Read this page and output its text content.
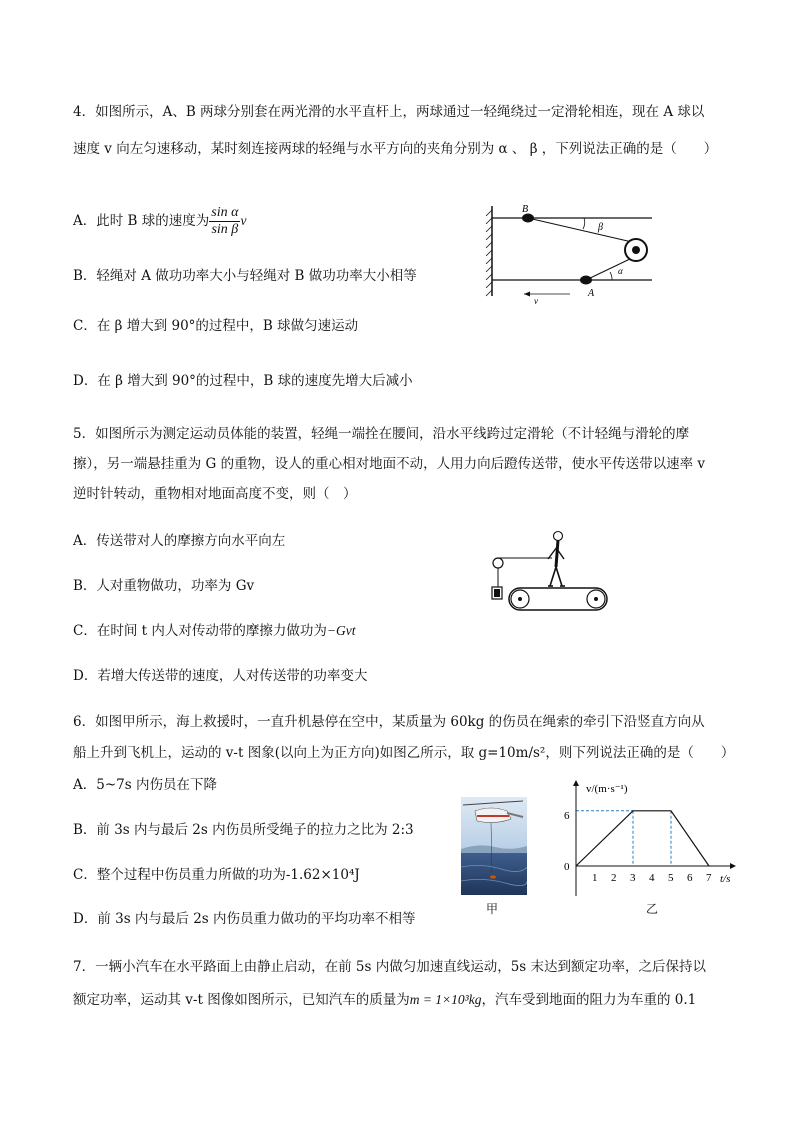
4．如图所示，A、B 两球分别套在两光滑的水平直杆上，两球通过一轻绳绕过一定滑轮相连，现在 A 球以
速度 v 向左匀速移动，某时刻连接两球的轻绳与水平方向的夹角分别为 α 、 β ，下列说法正确的是（　　）
A．此时 B 球的速度为 $\frac{\text{sin α}}{\text{sin β}}$ v
B．轻绳对 A 做功功率大小与轻绳对 B 做功功率大小相等
C．在 β 增大到 90°的过程中，B 球做匀速运动
D．在 β 增大到 90°的过程中，B 球的速度先增大后减小
B
A
β
α
v
5．如图所示为测定运动员体能的装置，轻绳一端拴在腰间，沿水平线跨过定滑轮（不计轻绳与滑轮的摩
擦），另一端悬挂重为 G 的重物，设人的重心相对地面不动，人用力向后蹬传送带，使水平传送带以速率 v
逆时针转动，重物相对地面高度不变，则（　）
A．传送带对人的摩擦方向水平向左
B．人对重物做功，功率为 Gv
C．在时间 t 内人对传动带的摩擦力做功为−Gvt
D．若增大传送带的速度，人对传送带的功率变大
6．如图甲所示，海上救援时，一直升机悬停在空中，某质量为 60kg 的伤员在绳索的牵引下沿竖直方向从
船上升到飞机上，运动的 v-t 图象(以向上为正方向)如图乙所示，取 g=10m/s²，则下列说法正确的是（　　）
A．5~7s 内伤员在下降
B．前 3s 内与最后 2s 内伤员所受绳子的拉力之比为 2:3
C．整个过程中伤员重力所做的功为-1.62×10⁴J
D．前 3s 内与最后 2s 内伤员重力做功的平均功率不相等
甲
v/(m·s⁻¹)
t/s
0
6
1 2 3 4 5 6 7
乙
7．一辆小汽车在水平路面上由静止启动，在前 5s 内做匀加速直线运动，5s 末达到额定功率，之后保持以
额定功率，运动其 v-t 图像如图所示，已知汽车的质量为m = 1×10³kg，汽车受到地面的阻力为车重的 0.1
